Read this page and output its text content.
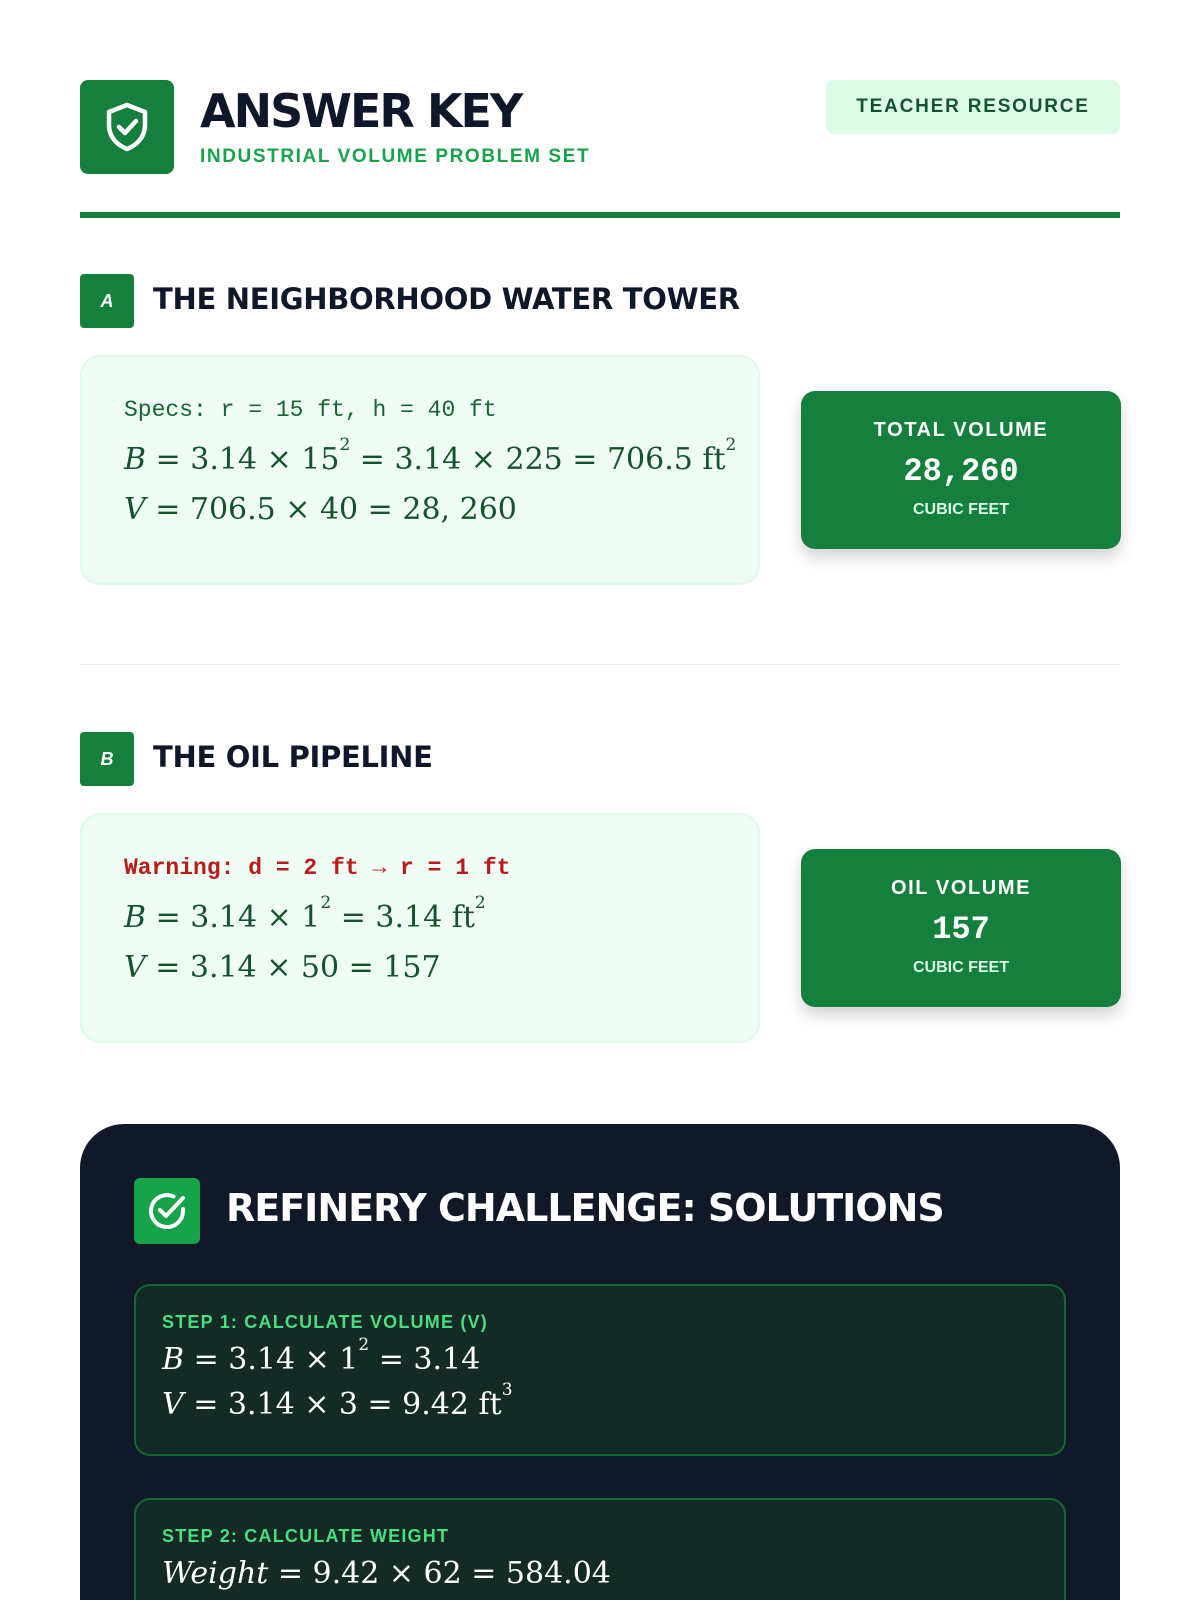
ANSWER KEY
INDUSTRIAL VOLUME PROBLEM SET
TEACHER RESOURCE
A	THE NEIGHBORHOOD WATER TOWER
Specs: r = 15 ft, h = 40 ft
$B = 3.14 \times 15^2 = 3.14 \times 225 = 706.5$ $ft^2$
V = 706.5 × 40 = 28, 260
TOTAL VOLUME
28,260
CUBIC FEET
B	THE OIL PIPELINE
Warning: d = 2 ft → r = 1 ft
$B = 3.14 \times 1^2 = 3.14$ $ft^2$
V = 3.14 × 50 = 157
OIL VOLUME
157
CUBIC FEET
REFINERY CHALLENGE: SOLUTIONS
STEP 1: CALCULATE VOLUME (V)
$B = 3.14 \times 1^2 = 3.14$
V = 3.14 × 3 = 9.42 $ft^3$
STEP 2: CALCULATE WEIGHT
Weight = 9.42 × 62 = 584.04
